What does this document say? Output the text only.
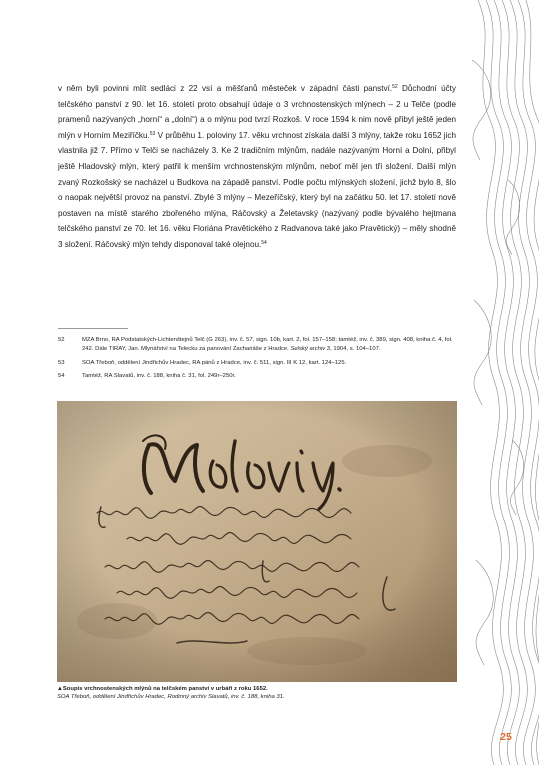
v něm byli povinni mlít sedláci z 22 vsí a měšťanů městeček v západní části panství.$^{52}$ Důchodní účty telčského panství z 90. let 16. století proto obsahují údaje o 3 vrchnostenských mlýnech – 2 u Telče (podle pramenů nazývaných „horní“ a „dolní“) a o mlýnu pod tvrzí Rozkoš. V roce 1594 k nim nově přibyl ještě jeden mlýn v Horním Meziříčku.$^{53}$ V průběhu 1. poloviny 17. věku vrchnost získala další 3 mlýny, takže roku 1652 jich vlastnila již 7. Přímo v Telči se nacházely 3. Ke 2 tradičním mlýnům, nadále nazývaným Horní a Dolní, přibyl ještě Hladovský mlýn, který patřil k menším vrchnostenským mlýnům, neboť měl jen tři složení. Další mlýn zvaný Rozkošský se nacházel u Budkova na západě panství. Podle počtu mlýnských složení, jichž bylo 8, šlo o naopak největší provoz na panství. Zbylé 3 mlýny – Mezeříčský, který byl na začátku 50. let 17. století nově postaven na místě starého zbořeného mlýna, Ráčovský a Želetavský (nazývaný podle bývalého hejtmana telčského panství ze 70. let 16. věku Floriána Pravětického z Radvanova také jako Pravětický) – měly shodně 3 složení. Ráčovský mlýn tehdy disponoval také olejnou.$^{54}$

52	MZA Brno, RA Podstatských-Lichtenštejnů Telč (G 263), inv. č. 57, sign. 10b, kart. 2, fol. 157–158; tamtéž, inv. č. 389, sign. 408, kniha č. 4, fol. 242. Dále TIRAY, Jan. Mlynářství na Telecku za panování Zachariáše z Hradce. Selský archiv 3, 1904, s. 104–107.
53	SOA Třeboň, oddělení Jindřichův Hradec, RA pánů z Hradce, inv. č. 511, sign. III K 12, kart. 124–125.
54	Tamtéž, RA Slavatů, inv. č. 188, kniha č. 31, fol. 249r–250r.
▲Soupis vrchnostenských mlýnů na telčském panství v urbáři z roku 1652.
SOA Třeboň, oddělení Jindřichův Hradec, Rodinný archiv Slavatů, inv. č. 188, kniha 31.
25
